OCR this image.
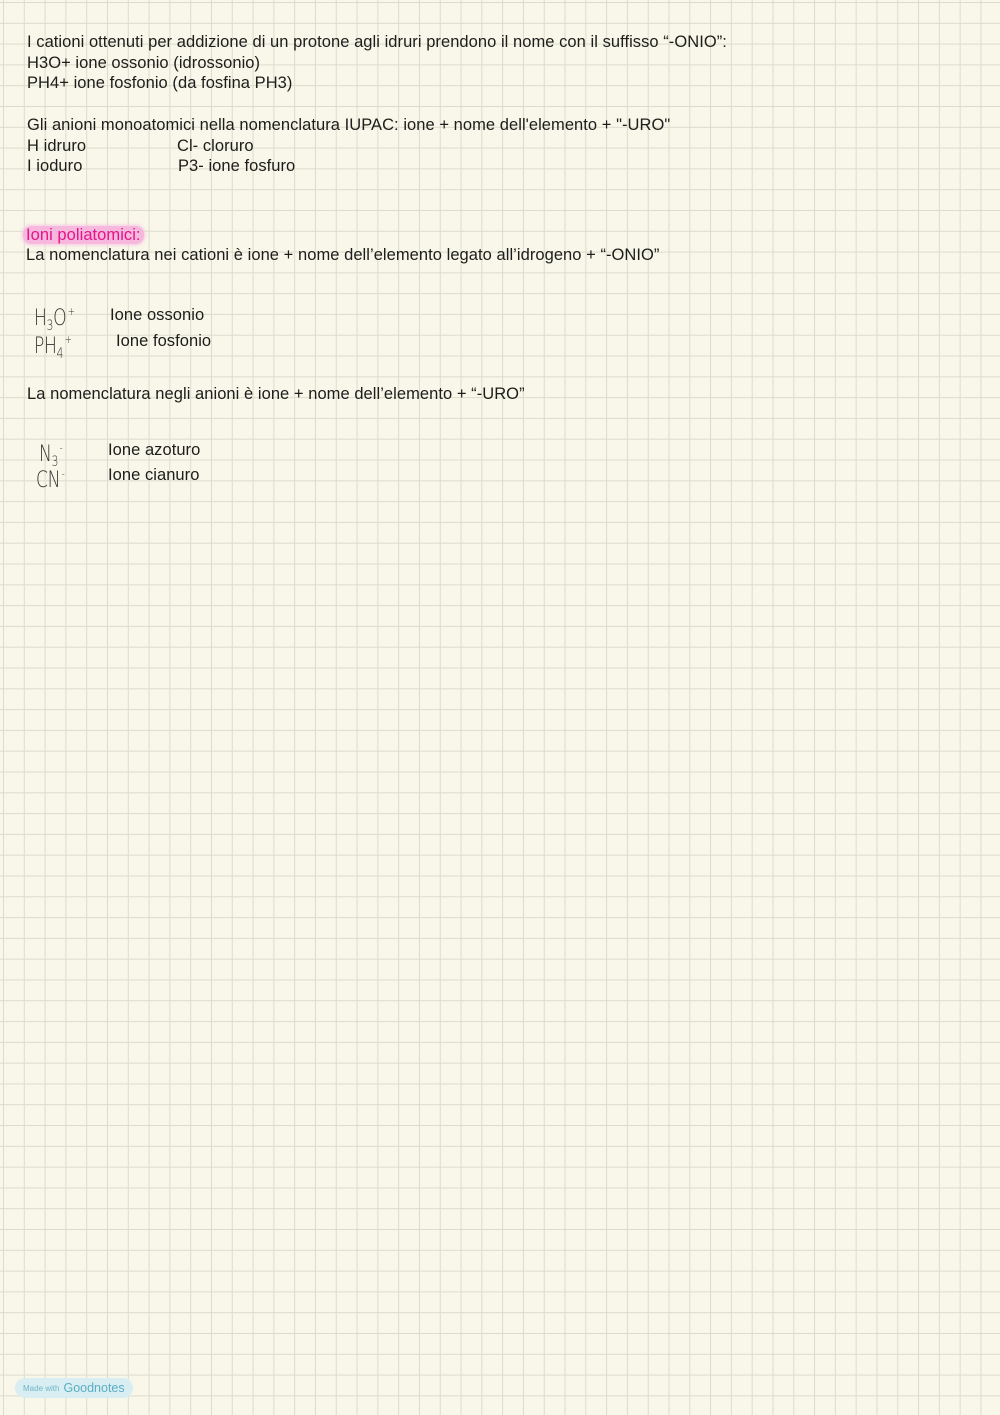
I cationi ottenuti per addizione di un protone agli idruri prendono il nome con il suffisso “-ONIO”:
H3O+ ione ossonio (idrossonio)
PH4+ ione fosfonio (da fosfina PH3)
Gli anioni monoatomici nella nomenclatura IUPAC: ione + nome dell'elemento + "-URO"
H idruro	Cl- cloruro
I ioduro	P3- ione fosfuro
Ioni poliatomici:
La nomenclatura nei cationi è ione + nome dell’elemento legato all’idrogeno + “-ONIO”
$H_3O$ + Ione ossonio
$PH_4^+$	Ione fosfonio
La nomenclatura negli anioni è ione + nome dell’elemento + “-URO”
$N_3^-$	Ione azoturo
CN -	Ione cianuro
Made with Goodnotes
